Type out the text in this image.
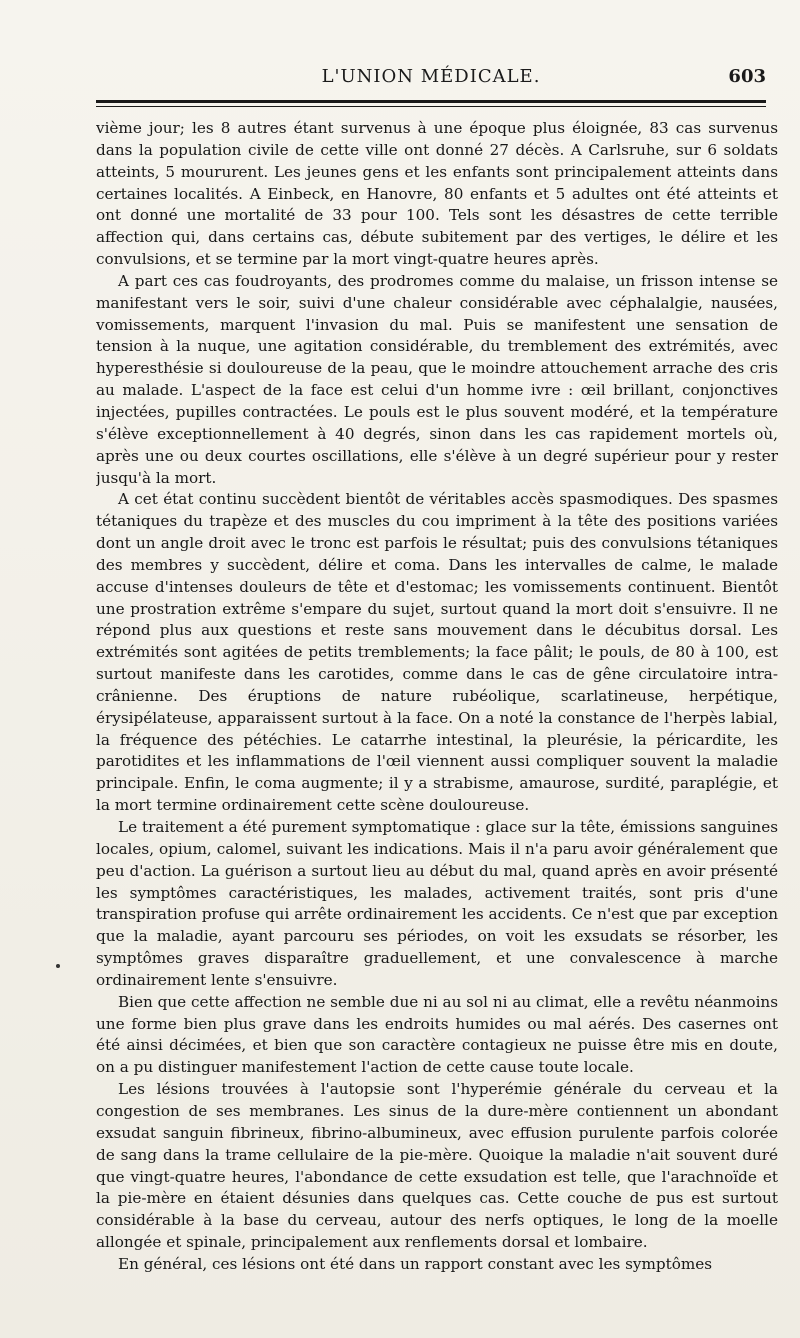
L'UNION MÉDICALE.	603

vième jour; les 8 autres étant survenus à une époque plus éloignée, 83 cas survenus dans la population civile de cette ville ont donné 27 décès. A Carlsruhe, sur 6 soldats atteints, 5 moururent. Les jeunes gens et les enfants sont principalement atteints dans certaines localités. A Einbeck, en Hanovre, 80 enfants et 5 adultes ont été atteints et ont donné une mortalité de 33 pour 100. Tels sont les désastres de cette terrible affection qui, dans certains cas, débute subitement par des vertiges, le délire et les convulsions, et se termine par la mort vingt-quatre heures après.

A part ces cas foudroyants, des prodromes comme du malaise, un frisson intense se manifestant vers le soir, suivi d'une chaleur considérable avec céphalalgie, nausées, vomissements, marquent l'invasion du mal. Puis se manifestent une sensation de tension à la nuque, une agitation considérable, du tremblement des extrémités, avec hyperesthésie si douloureuse de la peau, que le moindre attouchement arrache des cris au malade. L'aspect de la face est celui d'un homme ivre : œil brillant, conjonctives injectées, pupilles contractées. Le pouls est le plus souvent modéré, et la température s'élève exceptionnellement à 40 degrés, sinon dans les cas rapidement mortels où, après une ou deux courtes oscillations, elle s'élève à un degré supérieur pour y rester jusqu'à la mort.

A cet état continu succèdent bientôt de véritables accès spasmodiques. Des spasmes tétaniques du trapèze et des muscles du cou impriment à la tête des positions variées dont un angle droit avec le tronc est parfois le résultat; puis des convulsions tétaniques des membres y succèdent, délire et coma. Dans les intervalles de calme, le malade accuse d'intenses douleurs de tête et d'estomac; les vomissements continuent. Bientôt une prostration extrême s'empare du sujet, surtout quand la mort doit s'ensuivre. Il ne répond plus aux questions et reste sans mouvement dans le décubitus dorsal. Les extrémités sont agitées de petits tremblements; la face pâlit; le pouls, de 80 à 100, est surtout manifeste dans les carotides, comme dans le cas de gêne circulatoire intra-crânienne. Des éruptions de nature rubéolique, scarlatineuse, herpétique, érysipélateuse, apparaissent surtout à la face. On a noté la constance de l'herpès labial, la fréquence des pétéchies. Le catarrhe intestinal, la pleurésie, la péricardite, les parotidites et les inflammations de l'œil viennent aussi compliquer souvent la maladie principale. Enfin, le coma augmente; il y a strabisme, amaurose, surdité, paraplégie, et la mort termine ordinairement cette scène douloureuse.

Le traitement a été purement symptomatique : glace sur la tête, émissions sanguines locales, opium, calomel, suivant les indications. Mais il n'a paru avoir généralement que peu d'action. La guérison a surtout lieu au début du mal, quand après en avoir présenté les symptômes caractéristiques, les malades, activement traités, sont pris d'une transpiration profuse qui arrête ordinairement les accidents. Ce n'est que par exception que la maladie, ayant parcouru ses périodes, on voit les exsudats se résorber, les symptômes graves disparaître graduellement, et une convalescence à marche ordinairement lente s'ensuivre.

Bien que cette affection ne semble due ni au sol ni au climat, elle a revêtu néanmoins une forme bien plus grave dans les endroits humides ou mal aérés. Des casernes ont été ainsi décimées, et bien que son caractère contagieux ne puisse être mis en doute, on a pu distinguer manifestement l'action de cette cause toute locale.

Les lésions trouvées à l'autopsie sont l'hyperémie générale du cerveau et la congestion de ses membranes. Les sinus de la dure-mère contiennent un abondant exsudat sanguin fibrineux, fibrino-albumineux, avec effusion purulente parfois colorée de sang dans la trame cellulaire de la pie-mère. Quoique la maladie n'ait souvent duré que vingt-quatre heures, l'abondance de cette exsudation est telle, que l'arachnoïde et la pie-mère en étaient désunies dans quelques cas. Cette couche de pus est surtout considérable à la base du cerveau, autour des nerfs optiques, le long de la moelle allongée et spinale, principalement aux renflements dorsal et lombaire.

En général, ces lésions ont été dans un rapport constant avec les symptômes
